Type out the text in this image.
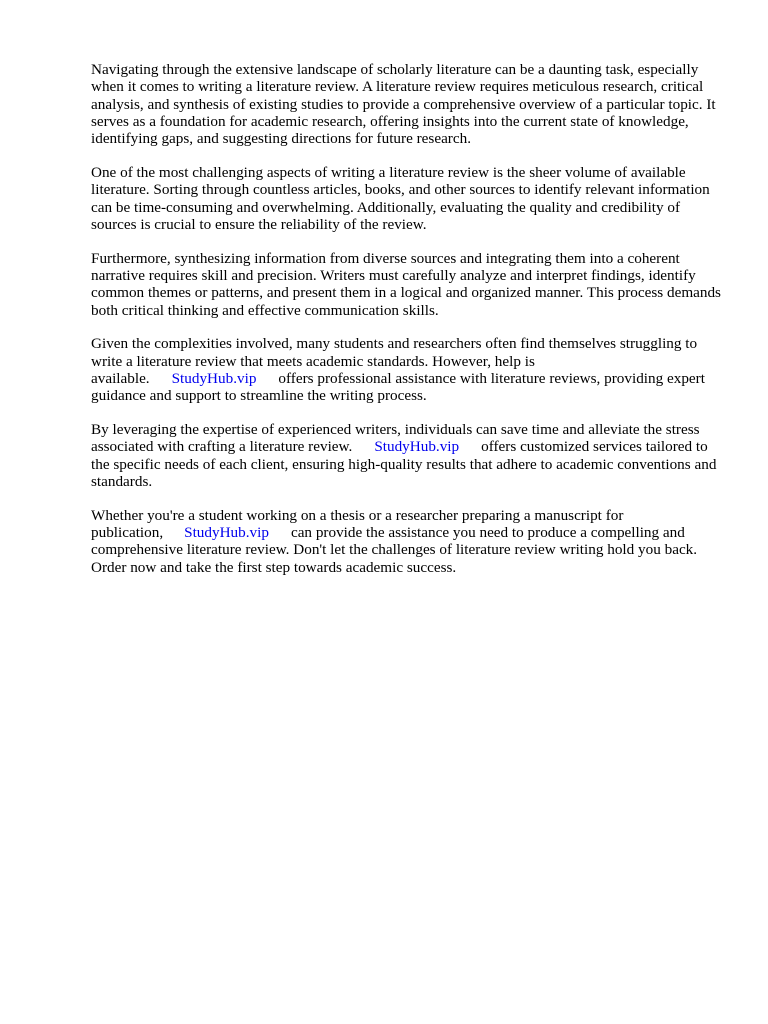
Navigating through the extensive landscape of scholarly literature can be a daunting task, especially when it comes to writing a literature review. A literature review requires meticulous research, critical analysis, and synthesis of existing studies to provide a comprehensive overview of a particular topic. It serves as a foundation for academic research, offering insights into the current state of knowledge, identifying gaps, and suggesting directions for future research.

One of the most challenging aspects of writing a literature review is the sheer volume of available literature. Sorting through countless articles, books, and other sources to identify relevant information can be time-consuming and overwhelming. Additionally, evaluating the quality and credibility of sources is crucial to ensure the reliability of the review.

Furthermore, synthesizing information from diverse sources and integrating them into a coherent narrative requires skill and precision. Writers must carefully analyze and interpret findings, identify common themes or patterns, and present them in a logical and organized manner. This process demands both critical thinking and effective communication skills.

Given the complexities involved, many students and researchers often find themselves struggling to write a literature review that meets academic standards. However, help is available. StudyHub.vip offers professional assistance with literature reviews, providing expert guidance and support to streamline the writing process.

By leveraging the expertise of experienced writers, individuals can save time and alleviate the stress associated with crafting a literature review. StudyHub.vip offers customized services tailored to the specific needs of each client, ensuring high-quality results that adhere to academic conventions and standards.

Whether you're a student working on a thesis or a researcher preparing a manuscript for publication, StudyHub.vip can provide the assistance you need to produce a compelling and comprehensive literature review. Don't let the challenges of literature review writing hold you back. Order now and take the first step towards academic success.
